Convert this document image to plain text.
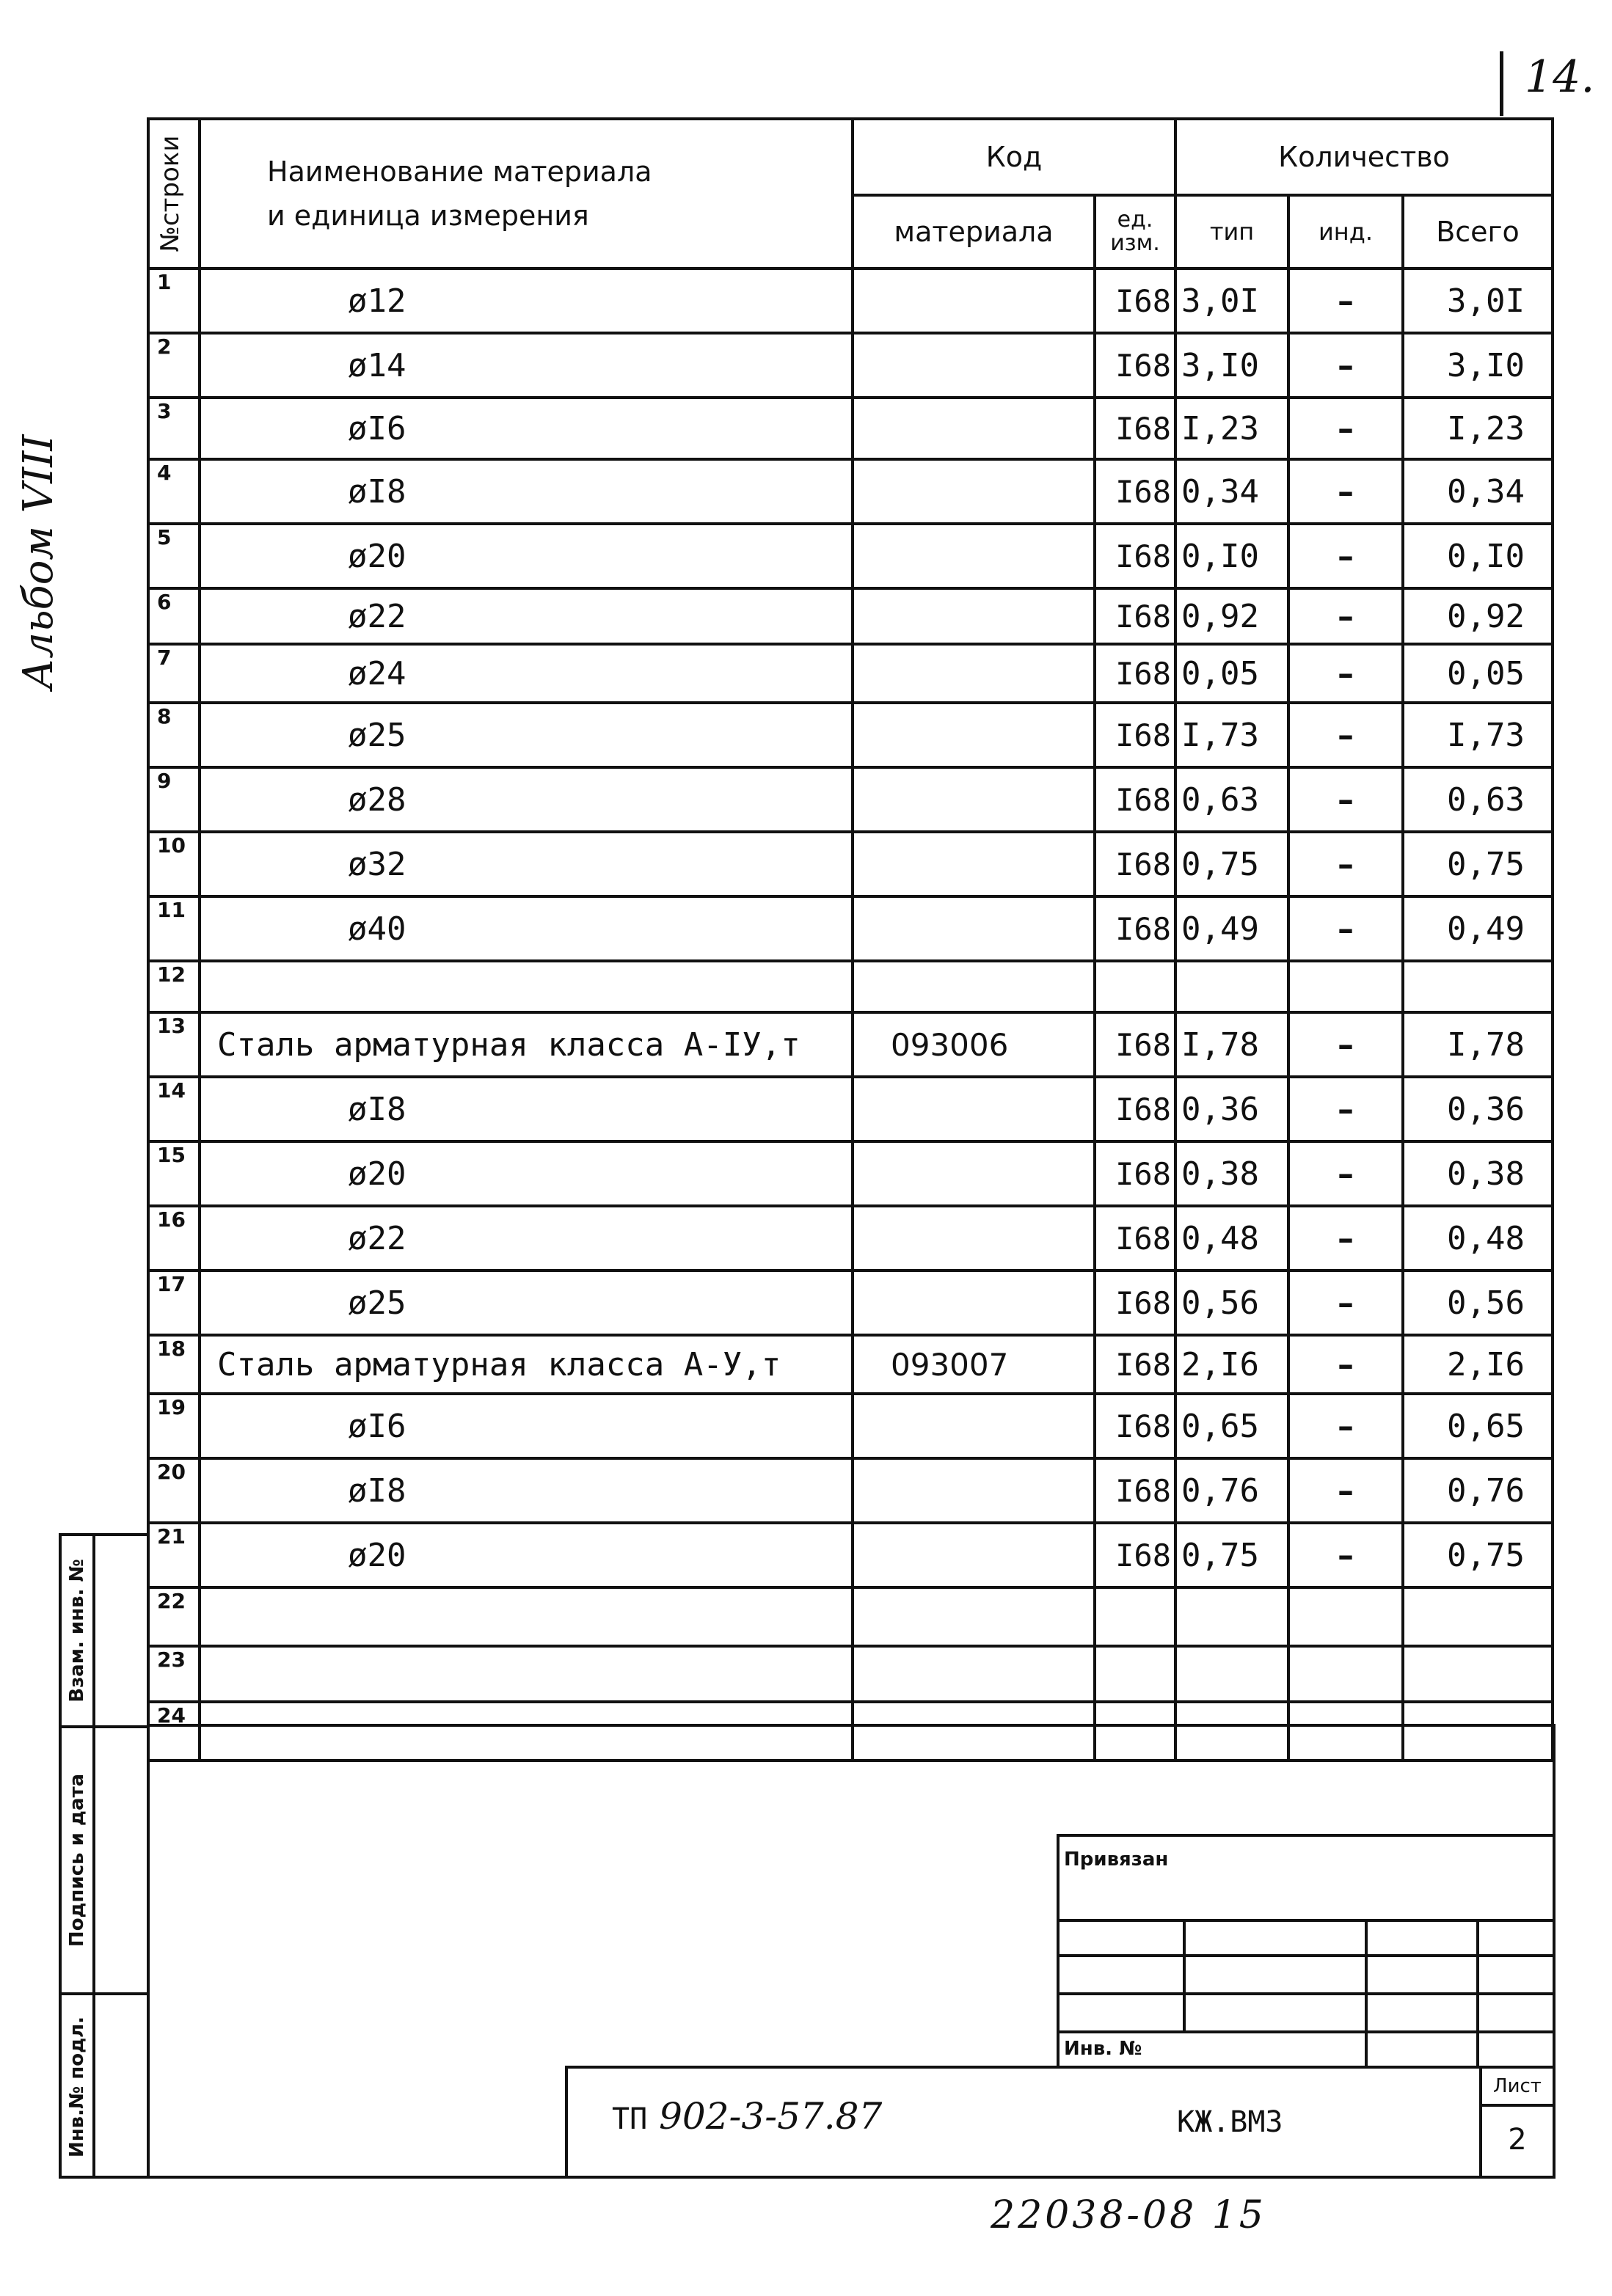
14.
Альбом VIII
№строки	Наименование материала
и единица измерения	Код		Количество		
		материала	ед. изм.	тип	инд.	Всего
1	ø12		I68	3,0I	–	3,0I
2	ø14		I68	3,I0	–	3,I0
3	øI6		I68	I,23	–	I,23
4	øI8		I68	0,34	–	0,34
5	ø20		I68	0,I0	–	0,I0
6	ø22		I68	0,92	–	0,92
7	ø24		I68	0,05	–	0,05
8	ø25		I68	I,73	–	I,73
9	ø28		I68	0,63	–	0,63
10	ø32		I68	0,75	–	0,75
11	ø40		I68	0,49	–	0,49
12						
13	Сталь арматурная класса А-IУ,т	093006	I68	I,78	–	I,78
14	øI8		I68	0,36	–	0,36
15	ø20		I68	0,38	–	0,38
16	ø22		I68	0,48	–	0,48
17	ø25		I68	0,56	–	0,56
18	Сталь арматурная класса А-У,т	093007	I68	2,I6	–	2,I6
19	øI6		I68	0,65	–	0,65
20	øI8		I68	0,76	–	0,76
21	ø20		I68	0,75	–	0,75
22						
23						
24						
Взам. инв. №
Подпись и дата
Инв.№ подл.
Привязан
Инв. №
ТП 902-3-57.87	КЖ.ВМ3
Лист
2
22038-08 15
